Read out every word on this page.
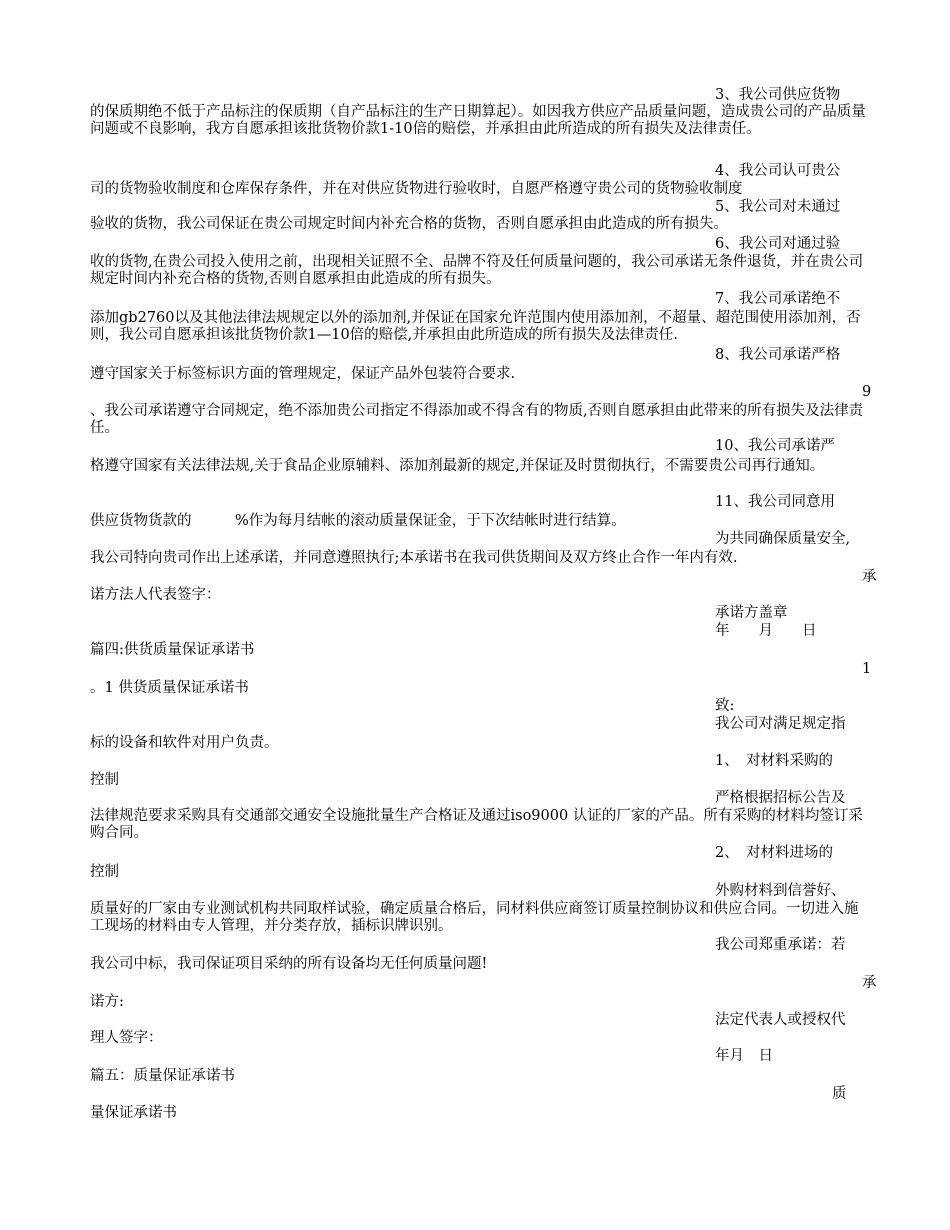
3、我公司供应货物
的保质期绝不低于产品标注的保质期（自产品标注的生产日期算起）。如因我方供应产品质量问题，造成贵公司的产品质量问题或不良影响，我方自愿承担该批货物价款1-10倍的赔偿，并承担由此所造成的所有损失及法律责任。
4、我公司认可贵公
司的货物验收制度和仓库保存条件，并在对供应货物进行验收时，自愿严格遵守贵公司的货物验收制度
5、我公司对未通过
验收的货物，我公司保证在贵公司规定时间内补充合格的货物，否则自愿承担由此造成的所有损失。
6、我公司对通过验
收的货物,在贵公司投入使用之前，出现相关证照不全、品牌不符及任何质量问题的，我公司承诺无条件退货，并在贵公司规定时间内补充合格的货物,否则自愿承担由此造成的所有损失。
7、我公司承诺绝不
添加gb2760以及其他法律法规规定以外的添加剂,并保证在国家允许范围内使用添加剂，不超量、超范围使用添加剂，否则，我公司自愿承担该批货物价款1—10倍的赔偿,并承担由此所造成的所有损失及法律责任.
8、我公司承诺严格
遵守国家关于标签标识方面的管理规定，保证产品外包装符合要求.
9
、我公司承诺遵守合同规定，绝不添加贵公司指定不得添加或不得含有的物质,否则自愿承担由此带来的所有损失及法律责任。
10、我公司承诺严
格遵守国家有关法律法规,关于食品企业原辅料、添加剂最新的规定,并保证及时贯彻执行，不需要贵公司再行通知。
11、我公司同意用
供应货物货款的　　　%作为每月结帐的滚动质量保证金，于下次结帐时进行结算。
为共同确保质量安全,
我公司特向贵司作出上述承诺，并同意遵照执行;本承诺书在我司供货期间及双方终止合作一年内有效.
承
诺方法人代表签字：
承诺方盖章
年　　月　　日
篇四:供货质量保证承诺书
1
。1 供货质量保证承诺书
致:
我公司对满足规定指
标的设备和软件对用户负责。
1、　对材料采购的
控制
严格根据招标公告及
法律规范要求采购具有交通部交通安全设施批量生产合格证及通过iso9000 认证的厂家的产品。所有采购的材料均签订采购合同。
2、　对材料进场的
控制
外购材料到信誉好、
质量好的厂家由专业测试机构共同取样试验，确定质量合格后，同材料供应商签订质量控制协议和供应合同。一切进入施工现场的材料由专人管理，并分类存放，插标识牌识别。
我公司郑重承诺：若
我公司中标，我司保证项目采纳的所有设备均无任何质量问题!
承
诺方:
法定代表人或授权代
理人签字：
年月　日
篇五：质量保证承诺书
质
量保证承诺书
